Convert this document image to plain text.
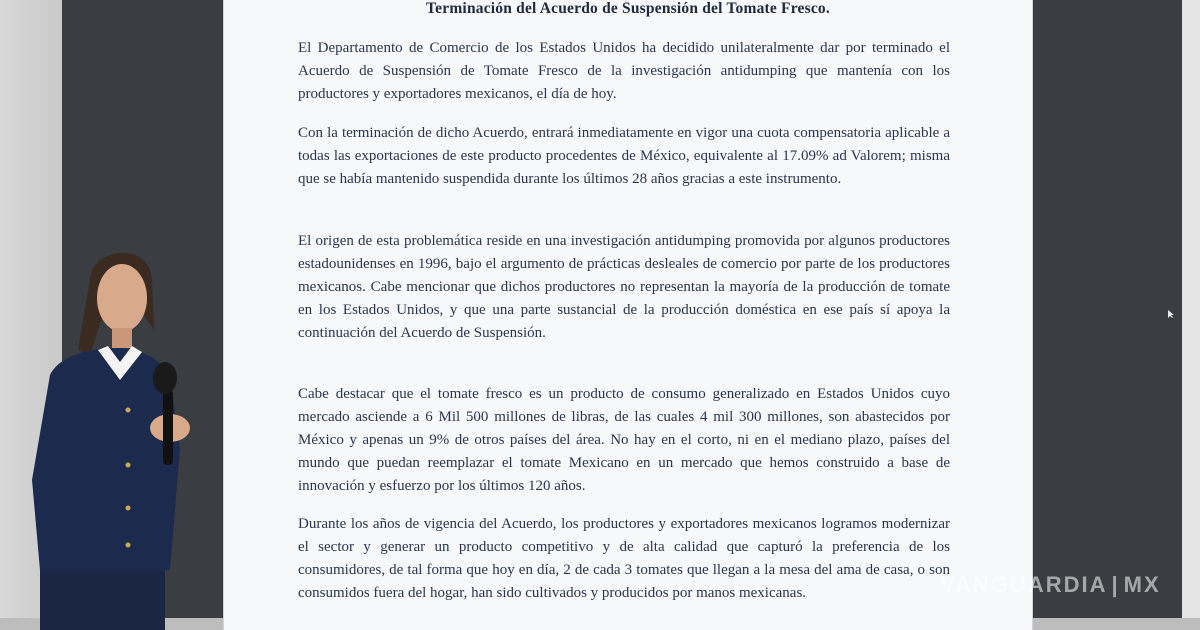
Terminación del Acuerdo de Suspensión del Tomate Fresco.

El Departamento de Comercio de los Estados Unidos ha decidido unilateralmente dar por terminado el Acuerdo de Suspensión de Tomate Fresco de la investigación antidumping que mantenía con los productores y exportadores mexicanos, el día de hoy.

Con la terminación de dicho Acuerdo, entrará inmediatamente en vigor una cuota compensatoria aplicable a todas las exportaciones de este producto procedentes de México, equivalente al 17.09% ad Valorem; misma que se había mantenido suspendida durante los últimos 28 años gracias a este instrumento.

El origen de esta problemática reside en una investigación antidumping promovida por algunos productores estadounidenses en 1996, bajo el argumento de prácticas desleales de comercio por parte de los productores mexicanos. Cabe mencionar que dichos productores no representan la mayoría de la producción de tomate en los Estados Unidos, y que una parte sustancial de la producción doméstica en ese país sí apoya la continuación del Acuerdo de Suspensión.

Cabe destacar que el tomate fresco es un producto de consumo generalizado en Estados Unidos cuyo mercado asciende a 6 Mil 500 millones de libras, de las cuales 4 mil 300 millones, son abastecidos por México y apenas un 9% de otros países del área. No hay en el corto, ni en el mediano plazo, países del mundo que puedan reemplazar el tomate Mexicano en un mercado que hemos construido a base de innovación y esfuerzo por los últimos 120 años.

Durante los años de vigencia del Acuerdo, los productores y exportadores mexicanos logramos modernizar el sector y generar un producto competitivo y de alta calidad que capturó la preferencia de los consumidores, de tal forma que hoy en día, 2 de cada 3 tomates que llegan a la mesa del ama de casa, o son consumidos fuera del hogar, han sido cultivados y producidos por manos mexicanas.	VANGUARDIA | MX
